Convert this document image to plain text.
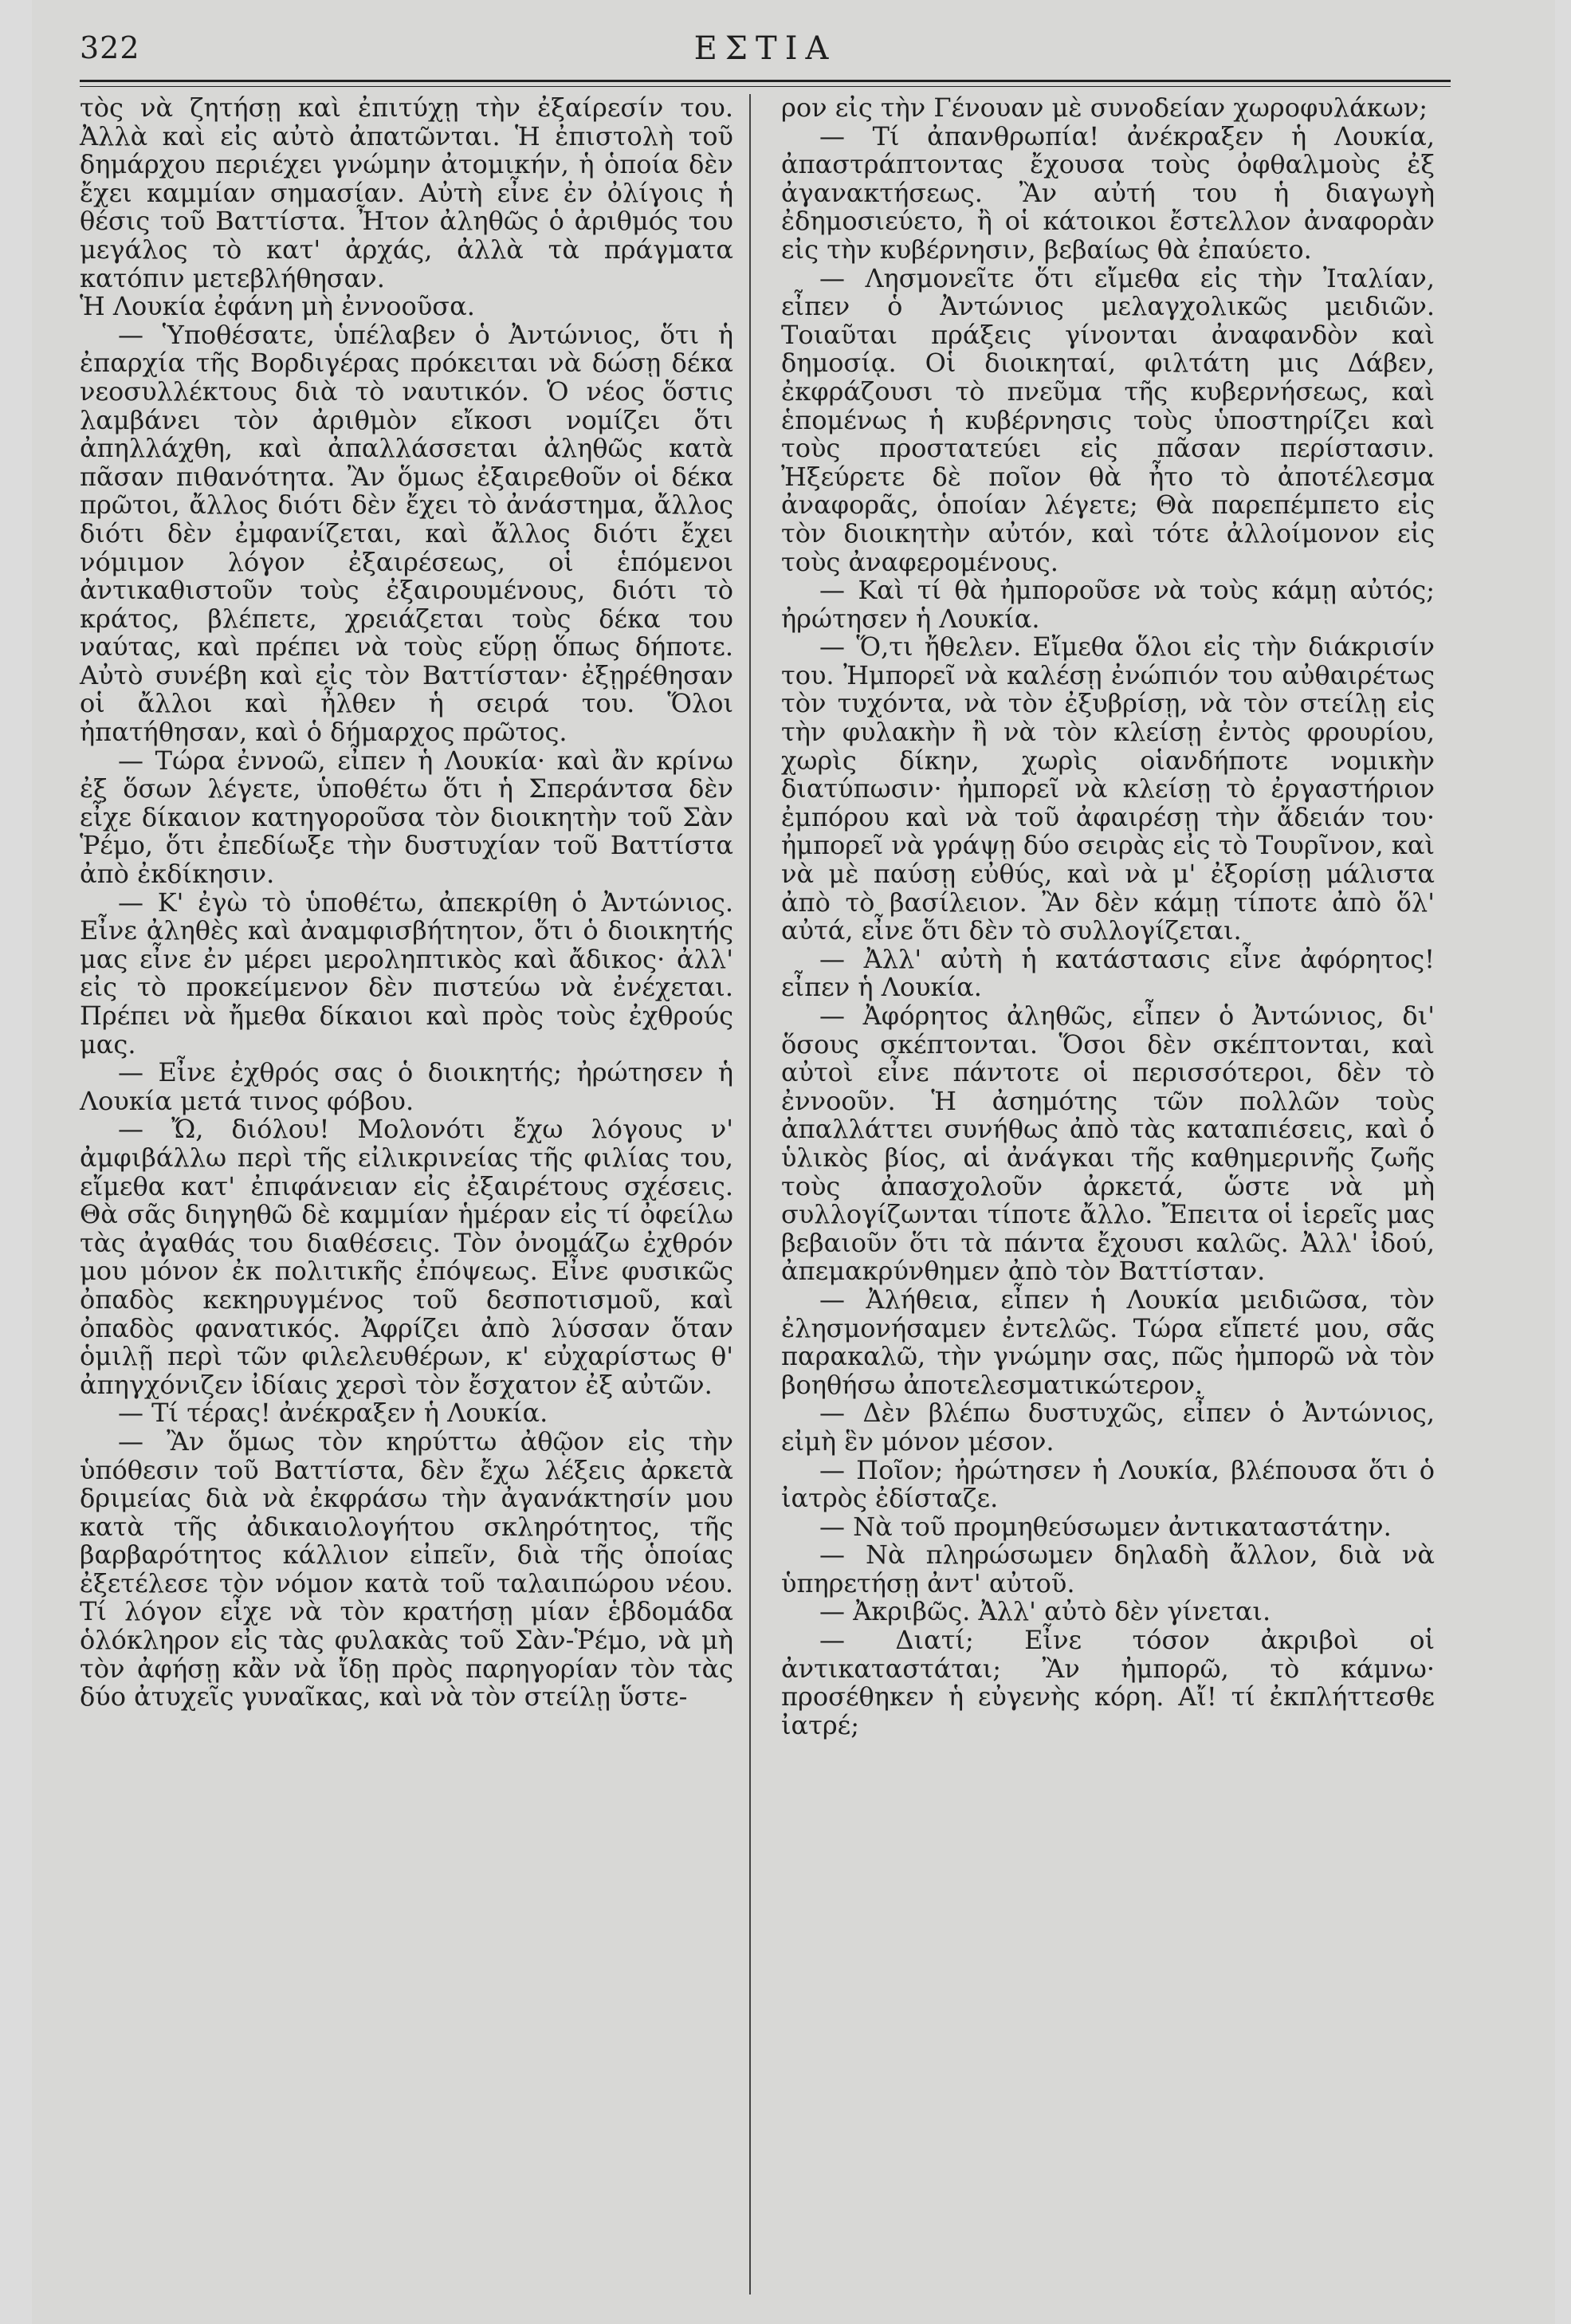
322	ΕΣΤΙΑ

τὸς νὰ ζητήσῃ καὶ ἐπιτύχῃ τὴν ἐξαίρεσίν του. Ἀλλὰ καὶ εἰς αὐτὸ ἀπατῶνται. Ἡ ἐπιστολὴ τοῦ δημάρχου περιέχει γνώμην ἀτομικήν, ἡ ὁποία δὲν ἔχει καμμίαν σημασίαν. Αὐτὴ εἶνε ἐν ὀλίγοις ἡ θέσις τοῦ Βαττίστα. Ἦτον ἀληθῶς ὁ ἀριθμός του μεγάλος τὸ κατ' ἀρχάς, ἀλλὰ τὰ πράγματα κατόπιν μετεβλήθησαν.

Ἡ Λουκία ἐφάνη μὴ ἐννοοῦσα.

— Ὑποθέσατε, ὑπέλαβεν ὁ Ἀντώνιος, ὅτι ἡ ἐπαρχία τῆς Βορδιγέρας πρόκειται νὰ δώσῃ δέκα νεοσυλλέκτους διὰ τὸ ναυτικόν. Ὁ νέος ὅστις λαμβάνει τὸν ἀριθμὸν εἴκοσι νομίζει ὅτι ἀπηλλάχθη, καὶ ἀπαλλάσσεται ἀληθῶς κατὰ πᾶσαν πιθανότητα. Ἂν ὅμως ἐξαιρεθοῦν οἱ δέκα πρῶτοι, ἄλλος διότι δὲν ἔχει τὸ ἀνάστημα, ἄλλος διότι δὲν ἐμφανίζεται, καὶ ἄλλος διότι ἔχει νόμιμον λόγον ἐξαιρέσεως, οἱ ἑπόμενοι ἀντικαθιστοῦν τοὺς ἐξαιρουμένους, διότι τὸ κράτος, βλέπετε, χρειάζεται τοὺς δέκα του ναύτας, καὶ πρέπει νὰ τοὺς εὕρῃ ὅπως δήποτε. Αὐτὸ συνέβη καὶ εἰς τὸν Βαττίσταν· ἐξῃρέθησαν οἱ ἄλλοι καὶ ἦλθεν ἡ σειρά του. Ὅλοι ἠπατήθησαν, καὶ ὁ δήμαρχος πρῶτος.

— Τώρα ἐννοῶ, εἶπεν ἡ Λουκία· καὶ ἂν κρίνω ἐξ ὅσων λέγετε, ὑποθέτω ὅτι ἡ Σπεράντσα δὲν εἶχε δίκαιον κατηγοροῦσα τὸν διοικητὴν τοῦ Σὰν Ῥέμο, ὅτι ἐπεδίωξε τὴν δυστυχίαν τοῦ Βαττίστα ἀπὸ ἐκδίκησιν.

— Κ' ἐγὼ τὸ ὑποθέτω, ἀπεκρίθη ὁ Ἀντώνιος. Εἶνε ἀληθὲς καὶ ἀναμφισβήτητον, ὅτι ὁ διοικητής μας εἶνε ἐν μέρει μεροληπτικὸς καὶ ἄδικος· ἀλλ' εἰς τὸ προκείμενον δὲν πιστεύω νὰ ἐνέχεται. Πρέπει νὰ ἤμεθα δίκαιοι καὶ πρὸς τοὺς ἐχθρούς μας.

— Εἶνε ἐχθρός σας ὁ διοικητής; ἠρώτησεν ἡ Λουκία μετά τινος φόβου.

— Ὤ, διόλου! Μολονότι ἔχω λόγους ν' ἀμφιβάλλω περὶ τῆς εἰλικρινείας τῆς φιλίας του, εἴμεθα κατ' ἐπιφάνειαν εἰς ἐξαιρέτους σχέσεις. Θὰ σᾶς διηγηθῶ δὲ καμμίαν ἡμέραν εἰς τί ὀφείλω τὰς ἀγαθάς του διαθέσεις. Τὸν ὀνομάζω ἐχθρόν μου μόνον ἐκ πολιτικῆς ἐπόψεως. Εἶνε φυσικῶς ὀπαδὸς κεκηρυγμένος τοῦ δεσποτισμοῦ, καὶ ὀπαδὸς φανατικός. Ἀφρίζει ἀπὸ λύσσαν ὅταν ὁμιλῇ περὶ τῶν φιλελευθέρων, κ' εὐχαρίστως θ' ἀπηγχόνιζεν ἰδίαις χερσὶ τὸν ἔσχατον ἐξ αὐτῶν.

— Τί τέρας! ἀνέκραξεν ἡ Λουκία.

— Ἂν ὅμως τὸν κηρύττω ἀθῷον εἰς τὴν ὑπόθεσιν τοῦ Βαττίστα, δὲν ἔχω λέξεις ἀρκετὰ δριμείας διὰ νὰ ἐκφράσω τὴν ἀγανάκτησίν μου κατὰ τῆς ἀδικαιολογήτου σκληρότητος, τῆς βαρβαρότητος κάλλιον εἰπεῖν, διὰ τῆς ὁποίας ἐξετέλεσε τὸν νόμον κατὰ τοῦ ταλαιπώρου νέου. Τί λόγον εἶχε νὰ τὸν κρατήσῃ μίαν ἑβδομάδα ὁλόκληρον εἰς τὰς φυλακὰς τοῦ Σὰν-Ῥέμο, νὰ μὴ τὸν ἀφήσῃ κἂν νὰ ἴδῃ πρὸς παρηγορίαν τὸν τὰς δύο ἀτυχεῖς γυναῖκας, καὶ νὰ τὸν στείλῃ ὕστε-

ρον εἰς τὴν Γένουαν μὲ συνοδείαν χωροφυλάκων;

— Τί ἀπανθρωπία! ἀνέκραξεν ἡ Λουκία, ἀπαστράπτοντας ἔχουσα τοὺς ὀφθαλμοὺς ἐξ ἀγανακτήσεως. Ἂν αὐτή του ἡ διαγωγὴ ἐδημοσιεύετο, ἢ οἱ κάτοικοι ἔστελλον ἀναφορὰν εἰς τὴν κυβέρνησιν, βεβαίως θὰ ἐπαύετο.

— Λησμονεῖτε ὅτι εἴμεθα εἰς τὴν Ἰταλίαν, εἶπεν ὁ Ἀντώνιος μελαγχολικῶς μειδιῶν. Τοιαῦται πράξεις γίνονται ἀναφανδὸν καὶ δημοσίᾳ. Οἱ διοικηταί, φιλτάτη μις Δάβεν, ἐκφράζουσι τὸ πνεῦμα τῆς κυβερνήσεως, καὶ ἑπομένως ἡ κυβέρνησις τοὺς ὑποστηρίζει καὶ τοὺς προστατεύει εἰς πᾶσαν περίστασιν. Ἠξεύρετε δὲ ποῖον θὰ ἦτο τὸ ἀποτέλεσμα ἀναφορᾶς, ὁποίαν λέγετε; Θὰ παρεπέμπετο εἰς τὸν διοικητὴν αὐτόν, καὶ τότε ἀλλοίμονον εἰς τοὺς ἀναφερομένους.

— Καὶ τί θὰ ἠμποροῦσε νὰ τοὺς κάμῃ αὐτός; ἠρώτησεν ἡ Λουκία.

— Ὅ,τι ἤθελεν. Εἴμεθα ὅλοι εἰς τὴν διάκρισίν του. Ἠμπορεῖ νὰ καλέσῃ ἐνώπιόν του αὐθαιρέτως τὸν τυχόντα, νὰ τὸν ἐξυβρίσῃ, νὰ τὸν στείλῃ εἰς τὴν φυλακὴν ἢ νὰ τὸν κλείσῃ ἐντὸς φρουρίου, χωρὶς δίκην, χωρὶς οἱανδήποτε νομικὴν διατύπωσιν· ἠμπορεῖ νὰ κλείσῃ τὸ ἐργαστήριον ἐμπόρου καὶ νὰ τοῦ ἀφαιρέσῃ τὴν ἄδειάν του· ἠμπορεῖ νὰ γράψῃ δύο σειρὰς εἰς τὸ Τουρῖνον, καὶ νὰ μὲ παύσῃ εὐθύς, καὶ νὰ μ' ἐξορίσῃ μάλιστα ἀπὸ τὸ βασίλειον. Ἂν δὲν κάμῃ τίποτε ἀπὸ ὅλ' αὐτά, εἶνε ὅτι δὲν τὸ συλλογίζεται.

— Ἀλλ' αὐτὴ ἡ κατάστασις εἶνε ἀφόρητος! εἶπεν ἡ Λουκία.

— Ἀφόρητος ἀληθῶς, εἶπεν ὁ Ἀντώνιος, δι' ὅσους σκέπτονται. Ὅσοι δὲν σκέπτονται, καὶ αὐτοὶ εἶνε πάντοτε οἱ περισσότεροι, δὲν τὸ ἐννοοῦν. Ἡ ἀσημότης τῶν πολλῶν τοὺς ἀπαλλάττει συνήθως ἀπὸ τὰς καταπιέσεις, καὶ ὁ ὑλικὸς βίος, αἱ ἀνάγκαι τῆς καθημερινῆς ζωῆς τοὺς ἀπασχολοῦν ἀρκετά, ὥστε νὰ μὴ συλλογίζωνται τίποτε ἄλλο. Ἔπειτα οἱ ἱερεῖς μας βεβαιοῦν ὅτι τὰ πάντα ἔχουσι καλῶς. Ἀλλ' ἰδού, ἀπεμακρύνθημεν ἀπὸ τὸν Βαττίσταν.

— Ἀλήθεια, εἶπεν ἡ Λουκία μειδιῶσα, τὸν ἐλησμονήσαμεν ἐντελῶς. Τώρα εἴπετέ μου, σᾶς παρακαλῶ, τὴν γνώμην σας, πῶς ἠμπορῶ νὰ τὸν βοηθήσω ἀποτελεσματικώτερον.

— Δὲν βλέπω δυστυχῶς, εἶπεν ὁ Ἀντώνιος, εἰμὴ ἓν μόνον μέσον.

— Ποῖον; ἠρώτησεν ἡ Λουκία, βλέπουσα ὅτι ὁ ἰατρὸς ἐδίσταζε.

— Νὰ τοῦ προμηθεύσωμεν ἀντικαταστάτην.

— Νὰ πληρώσωμεν δηλαδὴ ἄλλον, διὰ νὰ ὑπηρετήσῃ ἀντ' αὐτοῦ.

— Ἀκριβῶς. Ἀλλ' αὐτὸ δὲν γίνεται.

— Διατί; Εἶνε τόσον ἀκριβοὶ οἱ ἀντικαταστάται; Ἂν ἠμπορῶ, τὸ κάμνω· προσέθηκεν ἡ εὐγενὴς κόρη. Αἴ! τί ἐκπλήττεσθε ἰατρέ;
